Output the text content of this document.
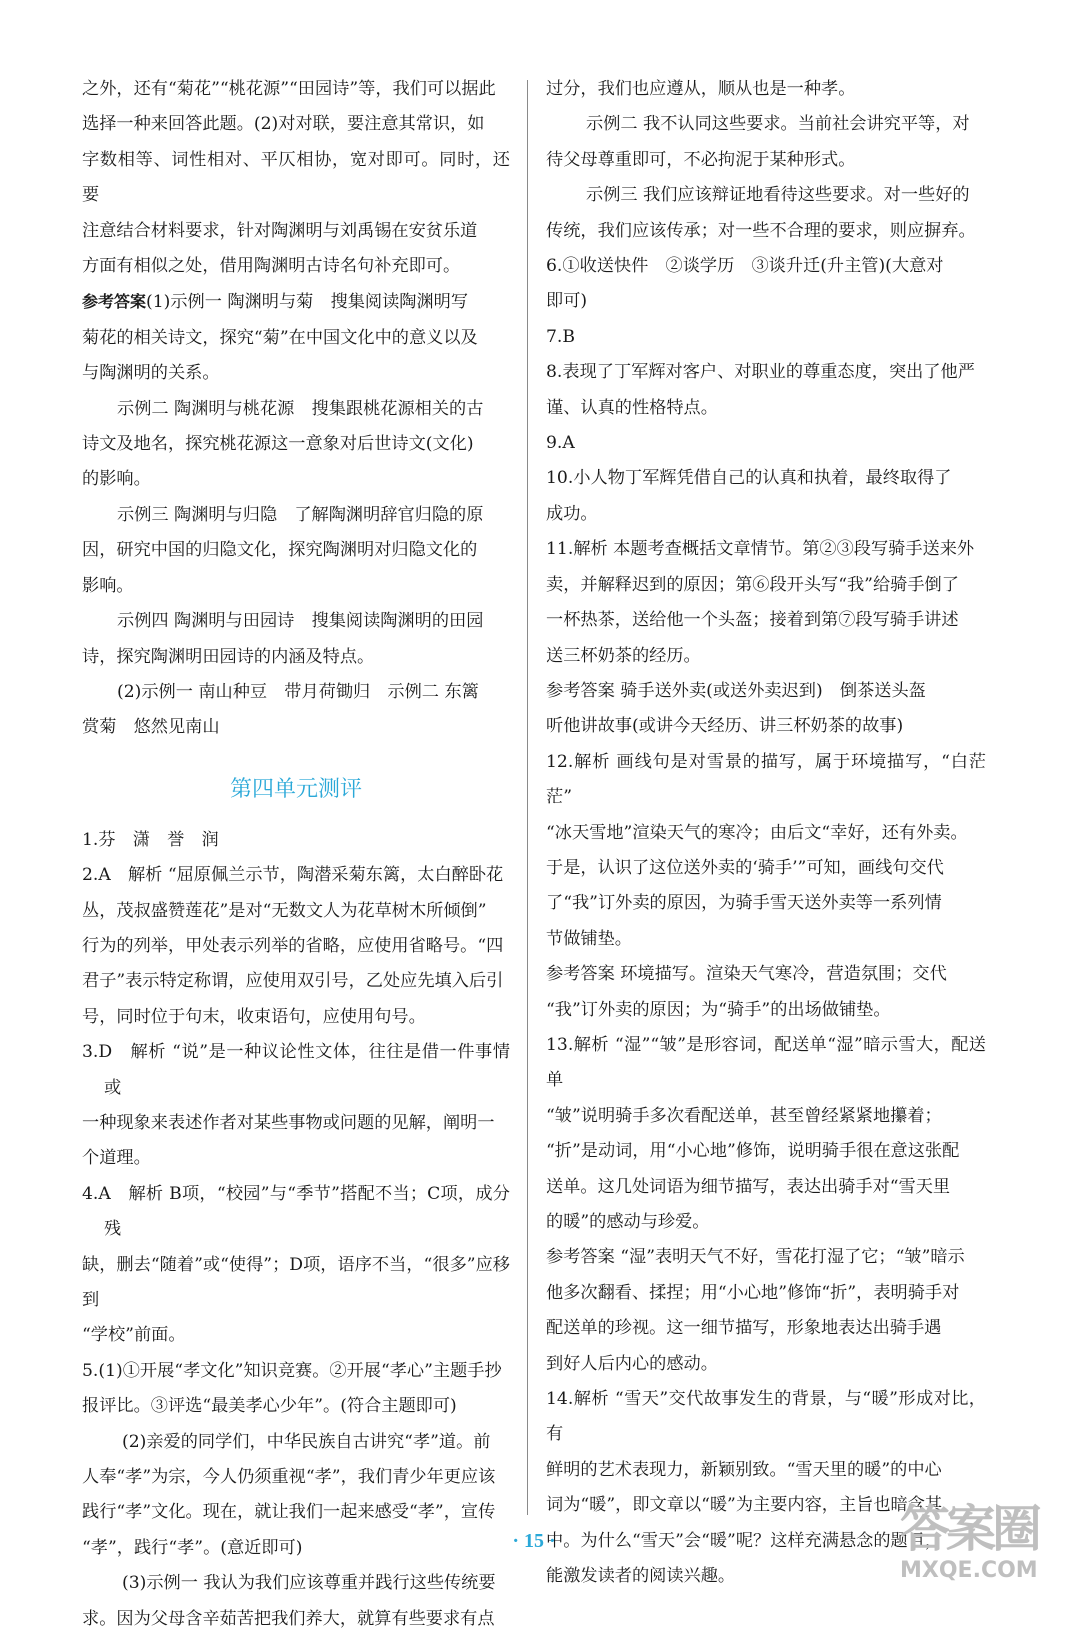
之外，还有“菊花”“桃花源”“田园诗”等，我们可以据此

选择一种来回答此题。(2)对对联，要注意其常识，如

字数相等、词性相对、平仄相协，宽对即可。同时，还要

注意结合材料要求，针对陶渊明与刘禹锡在安贫乐道

方面有相似之处，借用陶渊明古诗名句补充即可。

参考答案(1)示例一 陶渊明与菊　搜集阅读陶渊明写

菊花的相关诗文，探究“菊”在中国文化中的意义以及

与陶渊明的关系。

示例二 陶渊明与桃花源　搜集跟桃花源相关的古

诗文及地名，探究桃花源这一意象对后世诗文(文化)

的影响。

示例三 陶渊明与归隐　了解陶渊明辞官归隐的原

因，研究中国的归隐文化，探究陶渊明对归隐文化的

影响。

示例四 陶渊明与田园诗　搜集阅读陶渊明的田园

诗，探究陶渊明田园诗的内涵及特点。

(2)示例一 南山种豆　带月荷锄归　示例二 东篱

赏菊　悠然见南山

第四单元测评

1.芬　潇　誉　润

2.A　解析 “屈原佩兰示节，陶潜采菊东篱，太白醉卧花

丛，茂叔盛赞莲花”是对“无数文人为花草树木所倾倒”

行为的列举，甲处表示列举的省略，应使用省略号。“四

君子”表示特定称谓，应使用双引号，乙处应先填入后引

号，同时位于句末，收束语句，应使用句号。

3.D　解析 “说”是一种议论性文体，往往是借一件事情或

一种现象来表述作者对某些事物或问题的见解，阐明一

个道理。

4.A　解析 B项，“校园”与“季节”搭配不当；C项，成分残

缺，删去“随着”或“使得”；D项，语序不当，“很多”应移到

“学校”前面。

5.(1)①开展“孝文化”知识竞赛。②开展“孝心”主题手抄

报评比。③评选“最美孝心少年”。(符合主题即可)

(2)亲爱的同学们，中华民族自古讲究“孝”道。前

人奉“孝”为宗，今人仍须重视“孝”，我们青少年更应该

践行“孝”文化。现在，就让我们一起来感受“孝”，宣传

“孝”，践行“孝”。(意近即可)

(3)示例一 我认为我们应该尊重并践行这些传统要

求。因为父母含辛茹苦把我们养大，就算有些要求有点

过分，我们也应遵从，顺从也是一种孝。

示例二 我不认同这些要求。当前社会讲究平等，对

待父母尊重即可，不必拘泥于某种形式。

示例三 我们应该辩证地看待这些要求。对一些好的

传统，我们应该传承；对一些不合理的要求，则应摒弃。

6.①收送快件　②谈学历　③谈升迁(升主管)(大意对

即可)

7.B

8.表现了丁军辉对客户、对职业的尊重态度，突出了他严

谨、认真的性格特点。

9.A

10.小人物丁军辉凭借自己的认真和执着，最终取得了

成功。

11.解析 本题考查概括文章情节。第②③段写骑手送来外

卖，并解释迟到的原因；第⑥段开头写“我”给骑手倒了

一杯热茶，送给他一个头盔；接着到第⑦段写骑手讲述

送三杯奶茶的经历。

参考答案 骑手送外卖(或送外卖迟到)　倒茶送头盔

听他讲故事(或讲今天经历、讲三杯奶茶的故事)

12.解析 画线句是对雪景的描写，属于环境描写，“白茫茫”

“冰天雪地”渲染天气的寒冷；由后文“幸好，还有外卖。

于是，认识了这位送外卖的‘骑手’”可知，画线句交代

了“我”订外卖的原因，为骑手雪天送外卖等一系列情

节做铺垫。

参考答案 环境描写。渲染天气寒冷，营造氛围；交代

“我”订外卖的原因；为“骑手”的出场做铺垫。

13.解析 “湿”“皱”是形容词，配送单“湿”暗示雪大，配送单

“皱”说明骑手多次看配送单，甚至曾经紧紧地攥着；

“折”是动词，用“小心地”修饰，说明骑手很在意这张配

送单。这几处词语为细节描写，表达出骑手对“雪天里

的暖”的感动与珍爱。

参考答案 “湿”表明天气不好，雪花打湿了它；“皱”暗示

他多次翻看、揉捏；用“小心地”修饰“折”，表明骑手对

配送单的珍视。这一细节描写，形象地表达出骑手遇

到好人后内心的感动。

14.解析 “雪天”交代故事发生的背景，与“暖”形成对比，有

鲜明的艺术表现力，新颖别致。“雪天里的暖”的中心

词为“暖”，即文章以“暖”为主要内容，主旨也暗含其

中。为什么“雪天”会“暖”呢？这样充满悬念的题目，

能激发读者的阅读兴趣。

· 15 ·	答案圈
MXQE.COM
